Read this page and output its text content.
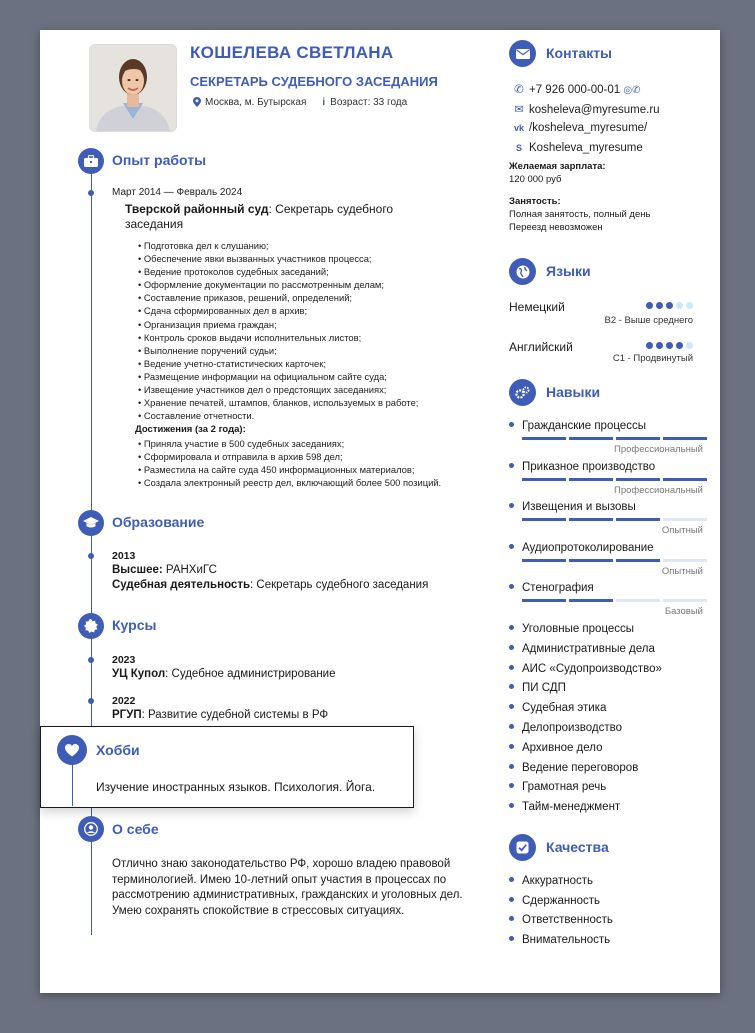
КОШЕЛЕВА СВЕТЛАНА
СЕКРЕТАРЬ СУДЕБНОГО ЗАСЕДАНИЯ
Москва, м. Бутырская i Возраст: 33 года
Опыт работы
Март 2014 — Февраль 2024
Тверской районный суд: Секретарь судебного
заседания
• Подготовка дел к слушанию;
• Обеспечение явки вызванных участников процесса;
• Ведение протоколов судебных заседаний;
• Оформление документации по рассмотренным делам;
• Составление приказов, решений, определений;
• Сдача сформированных дел в архив;
• Организация приема граждан;
• Контроль сроков выдачи исполнительных листов;
• Выполнение поручений судьи;
• Ведение учетно-статистических карточек;
• Размещение информации на официальном сайте суда;
• Извещение участников дел о предстоящих заседаниях;
• Хранение печатей, штампов, бланков, используемых в работе;
• Составление отчетности.
Достижения (за 2 года):
• Приняла участие в 500 судебных заседаниях;
• Сформировала и отправила в архив 598 дел;
• Разместила на сайте суда 450 информационных материалов;
• Создала электронный реестр дел, включающий более 500 позиций.
Образование
2013
Высшее: РАНХиГС
Судебная деятельность: Секретарь судебного заседания
Курсы
2023
УЦ Купол: Судебное администрирование
2022
РГУП: Развитие судебной системы в РФ
Хобби
Изучение иностранных языков. Психология. Йога.
О себе
Отлично знаю законодательство РФ, хорошо владею правовой
терминологией. Имею 10-летний опыт участия в процессах по
рассмотрению административных, гражданских и уголовных дел.
Умею сохранять спокойствие в стрессовых ситуациях.
Контакты
✆ +7 926 000-00-01 ◎✆
✉ kosheleva@myresume.ru
vk /kosheleva_myresume/
S Kosheleva_myresume
Желаемая зарплата:
120 000 руб
Занятость:
Полная занятость, полный день
Переезд невозможен
Языки
Немецкий
B2 - Выше среднего
Английский
C1 - Продвинутый
Навыки
Гражданские процессы
Профессиональный
Приказное производство
Профессиональный
Извещения и вызовы
Опытный
Аудиопротоколирование
Опытный
Стенография
Базовый
Уголовные процессы
Административные дела
АИС «Судопроизводство»
ПИ СДП
Судебная этика
Делопроизводство
Архивное дело
Ведение переговоров
Грамотная речь
Тайм-менеджмент
Качества
Аккуратность
Сдержанность
Ответственность
Внимательность
